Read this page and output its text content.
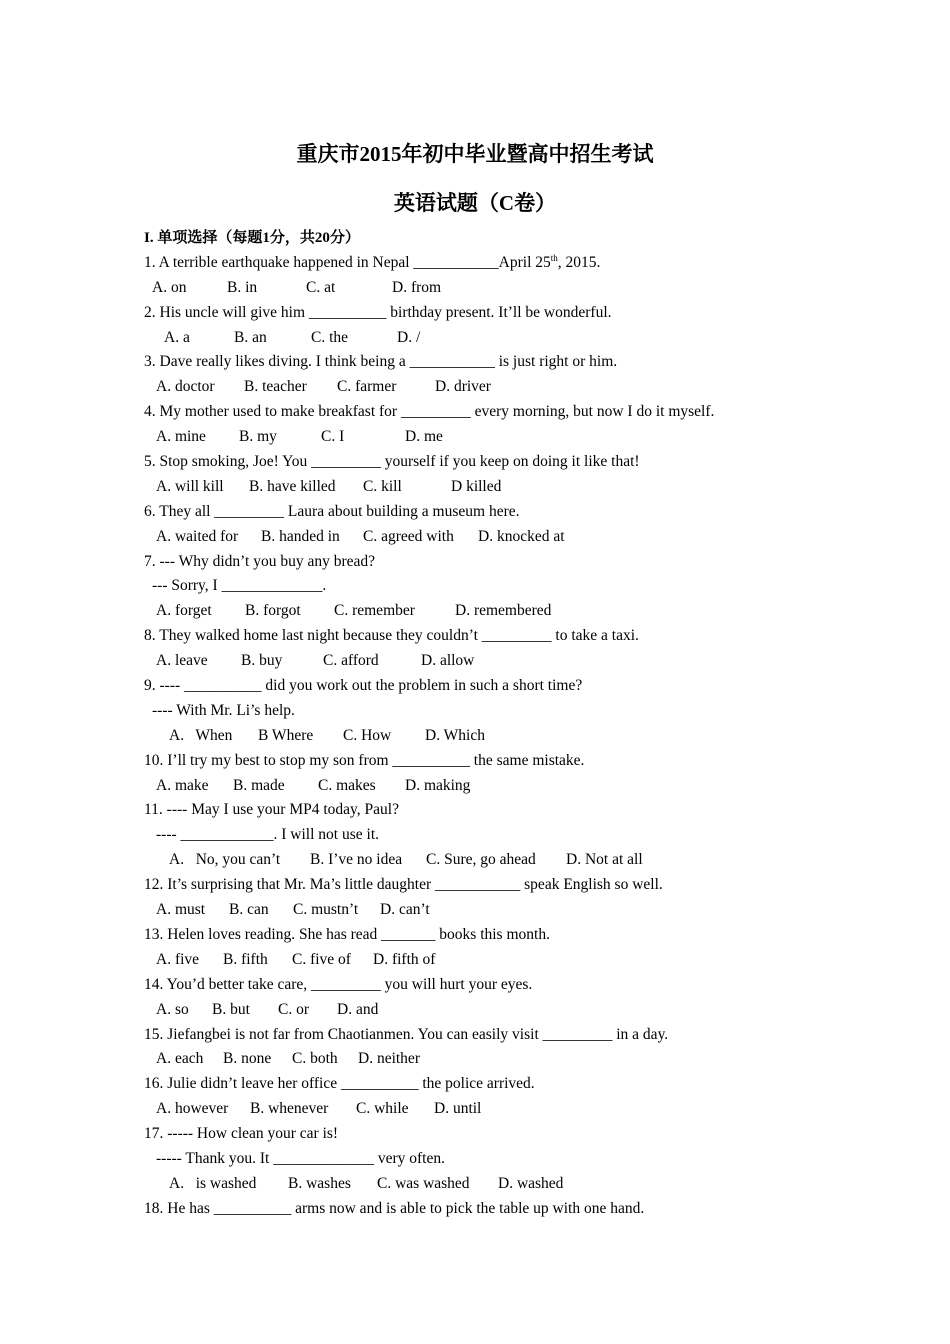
重庆市2015年初中毕业暨高中招生考试
英语试题（C卷）
I. 单项选择（每题1分，共20分）
1. A terrible earthquake happened in Nepal ___________April 25th, 2015.
A. on	B. in	C. at	D. from
2. His uncle will give him __________ birthday present. It’ll be wonderful.
A. a	B. an	C. the	D. /
3. Dave really likes diving. I think being a ___________ is just right or him.
A. doctor	B. teacher	C. farmer	D. driver
4. My mother used to make breakfast for _________ every morning, but now I do it myself.
A. mine	B. my	C. I	D. me
5. Stop smoking, Joe! You _________ yourself if you keep on doing it like that!
A. will kill	B. have killed	C. kill	D killed
6. They all _________ Laura about building a museum here.
A. waited for	B. handed in	C. agreed with	D. knocked at
7. --- Why didn’t you buy any bread?
--- Sorry, I _____________.
A. forget	B. forgot	C. remember	D. remembered
8. They walked home last night because they couldn’t _________ to take a taxi.
A. leave	B. buy	C. afford	D. allow
9. ---- __________ did you work out the problem in such a short time?
---- With Mr. Li’s help.
A.   When	B Where	C. How	D. Which
10. I’ll try my best to stop my son from __________ the same mistake.
A. make	B. made	C. makes	D. making
11. ---- May I use your MP4 today, Paul?
---- ____________. I will not use it.
A.   No, you can’t	B. I’ve no idea	C. Sure, go ahead	D. Not at all
12. It’s surprising that Mr. Ma’s little daughter ___________ speak English so well.
A. must	B. can	C. mustn’t	D. can’t
13. Helen loves reading. She has read _______ books this month.
A. five	B. fifth	C. five of	D. fifth of
14. You’d better take care, _________ you will hurt your eyes.
A. so	B. but	C. or	D. and
15. Jiefangbei is not far from Chaotianmen. You can easily visit _________ in a day.
A. each	B. none	C. both	D. neither
16. Julie didn’t leave her office __________ the police arrived.
A. however	B. whenever	C. while	D. until
17. ----- How clean your car is!
----- Thank you. It _____________ very often.
A.   is washed	B. washes	C. was washed	D. washed
18. He has __________ arms now and is able to pick the table up with one hand.
